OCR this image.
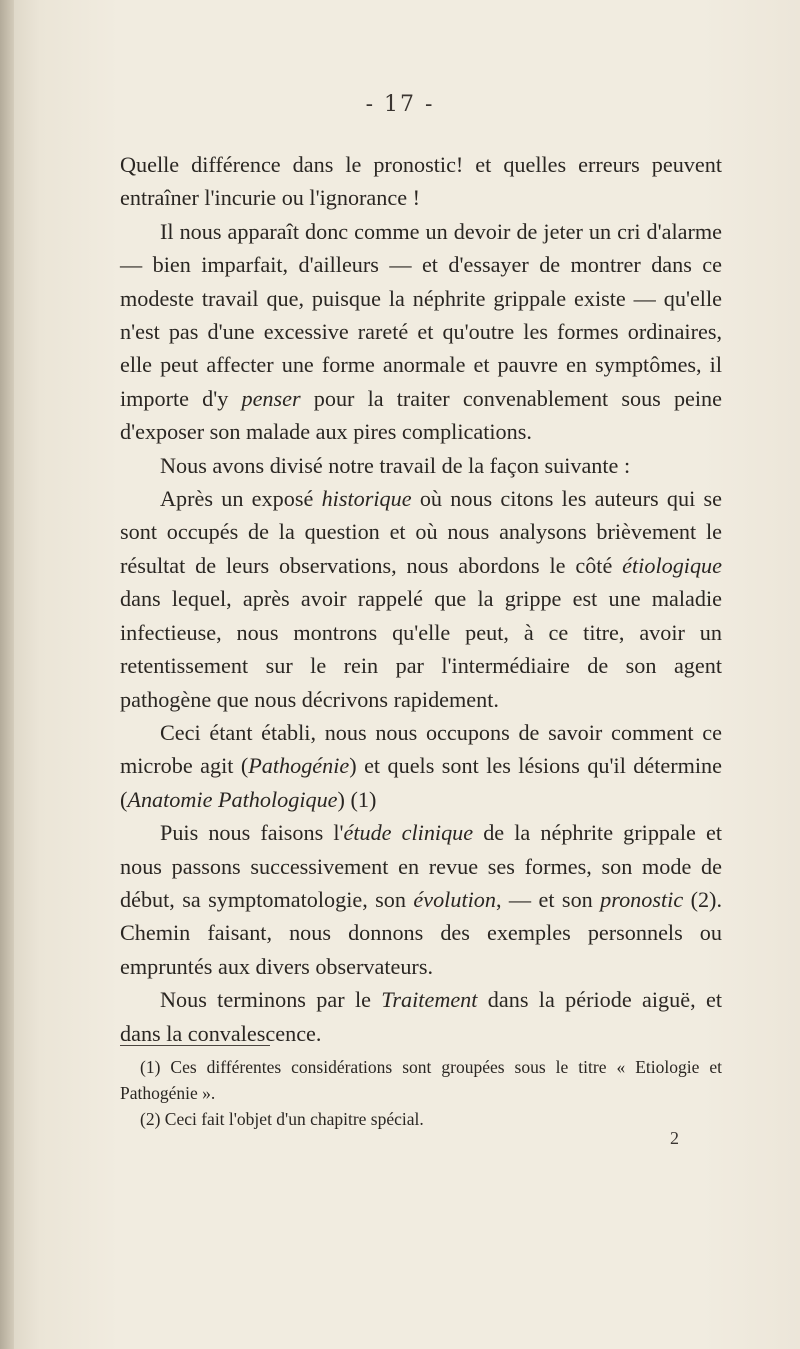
- 17 -

Quelle différence dans le pronostic! et quelles erreurs peuvent entraîner l'incurie ou l'ignorance !

Il nous apparaît donc comme un devoir de jeter un cri d'alarme — bien imparfait, d'ailleurs — et d'essayer de montrer dans ce modeste travail que, puisque la néphrite grippale existe — qu'elle n'est pas d'une excessive rareté et qu'outre les formes ordinaires, elle peut affecter une forme anormale et pauvre en symptômes, il importe d'y penser pour la traiter convenablement sous peine d'exposer son malade aux pires complications.

Nous avons divisé notre travail de la façon suivante :

Après un exposé historique où nous citons les auteurs qui se sont occupés de la question et où nous analysons brièvement le résultat de leurs observations, nous abordons le côté étiologique dans lequel, après avoir rappelé que la grippe est une maladie infectieuse, nous montrons qu'elle peut, à ce titre, avoir un retentissement sur le rein par l'intermédiaire de son agent pathogène que nous décrivons rapidement.

Ceci étant établi, nous nous occupons de savoir comment ce microbe agit (Pathogénie) et quels sont les lésions qu'il détermine (Anatomie Pathologique) (1)

Puis nous faisons l'étude clinique de la néphrite grippale et nous passons successivement en revue ses formes, son mode de début, sa symptomatologie, son évolution, — et son pronostic (2). Chemin faisant, nous donnons des exemples personnels ou empruntés aux divers observateurs.

Nous terminons par le Traitement dans la période aiguë, et dans la convalescence.

(1) Ces différentes considérations sont groupées sous le titre « Etiologie et Pathogénie ».

(2) Ceci fait l'objet d'un chapitre spécial.

2
